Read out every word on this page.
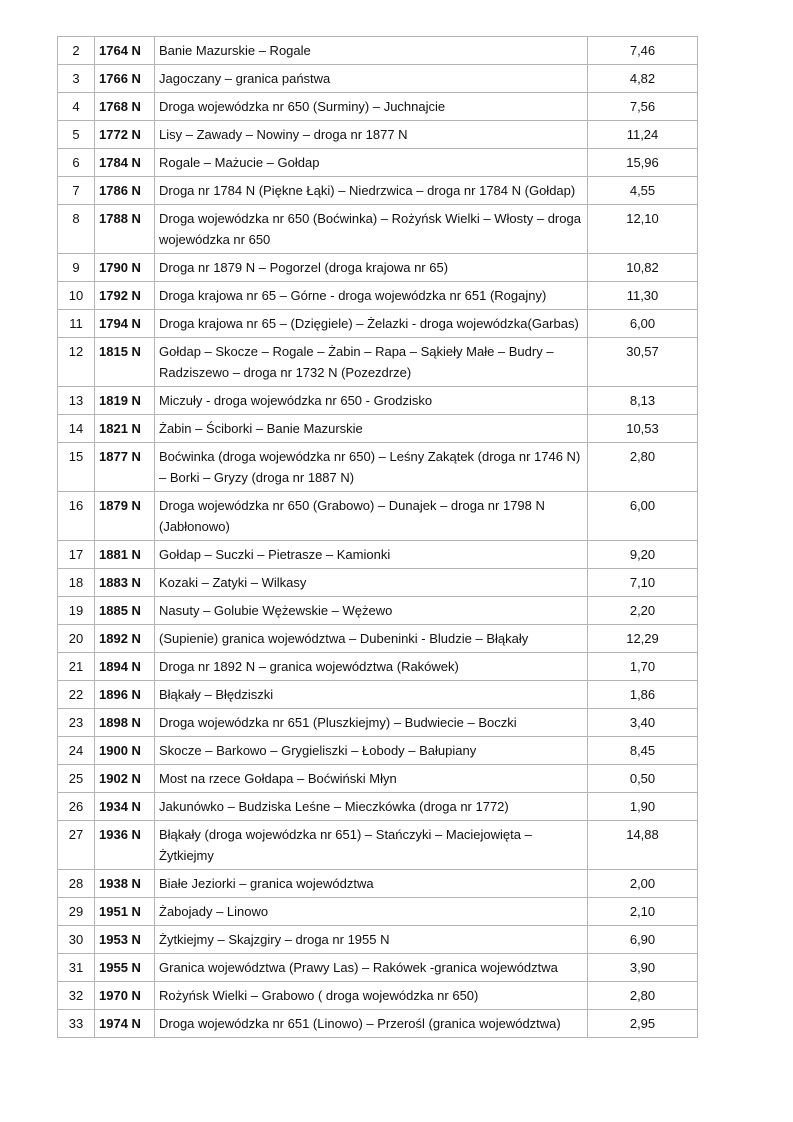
2	1764 N	Banie Mazurskie – Rogale	7,46
3	1766 N	Jagoczany – granica państwa	4,82
4	1768 N	Droga wojewódzka nr 650 (Surminy) – Juchnajcie	7,56
5	1772 N	Lisy – Zawady – Nowiny – droga nr 1877 N	11,24
6	1784 N	Rogale – Mażucie – Gołdap	15,96
7	1786 N	Droga nr 1784 N (Piękne Łąki) – Niedrzwica – droga nr 1784 N (Gołdap)	4,55
8	1788 N	Droga wojewódzka nr 650 (Boćwinka) – Rożyńsk Wielki – Włosty – droga wojewódzka nr 650	12,10
9	1790 N	Droga nr 1879 N – Pogorzel (droga krajowa nr 65)	10,82
10	1792 N	Droga krajowa nr 65 – Górne - droga wojewódzka nr 651 (Rogajny)	11,30
11	1794 N	Droga krajowa nr 65 – (Dzięgiele) – Żelazki - droga wojewódzka(Garbas)	6,00
12	1815 N	Gołdap – Skocze – Rogale – Żabin – Rapa – Sąkiełу Małe – Budry – Radziszewo – droga nr 1732 N (Pozezdrze)	30,57
13	1819 N	Miczuły - droga wojewódzka nr 650 - Grodzisko	8,13
14	1821 N	Żabin – Ściborki – Banie Mazurskie	10,53
15	1877 N	Boćwinka (droga wojewódzka nr 650) – Leśny Zakątek (droga nr 1746 N) – Borki – Gryzy (droga nr 1887 N)	2,80
16	1879 N	Droga wojewódzka nr 650 (Grabowo) – Dunajek – droga nr 1798 N (Jabłonowo)	6,00
17	1881 N	Gołdap – Suczki – Pietrasze – Kamionki	9,20
18	1883 N	Kozaki – Zatyki – Wilkasy	7,10
19	1885 N	Nasuty – Golubie Wężewskie – Wężewo	2,20
20	1892 N	(Supienie) granica województwa – Dubeninki - Bludzie – Błąkały	12,29
21	1894 N	Droga nr 1892 N – granica województwa (Rakówek)	1,70
22	1896 N	Błąkały – Błędziszki	1,86
23	1898 N	Droga wojewódzka nr 651 (Pluszkiejmy) – Budwiecie – Boczki	3,40
24	1900 N	Skocze – Barkowo – Grygieliszki – Łobody – Bałupiany	8,45
25	1902 N	Most na rzece Gołdapa – Boćwiński Młyn	0,50
26	1934 N	Jakunówko – Budziska Leśne – Mieczkówka (droga nr 1772)	1,90
27	1936 N	Błąkały (droga wojewódzka nr 651) – Stańczyki – Maciejowięta – Żytkiejmy	14,88
28	1938 N	Białe Jeziorki – granica województwa	2,00
29	1951 N	Żabojady – Linowo	2,10
30	1953 N	Żytkiejmy – Skajzgiry – droga nr 1955 N	6,90
31	1955 N	Granica województwa (Prawy Las) – Rakówek -granica województwa	3,90
32	1970 N	Rożyńsk Wielki – Grabowo ( droga wojewódzka nr 650)	2,80
33	1974 N	Droga wojewódzka nr 651 (Linowo) – Przerośl (granica województwa)	2,95
